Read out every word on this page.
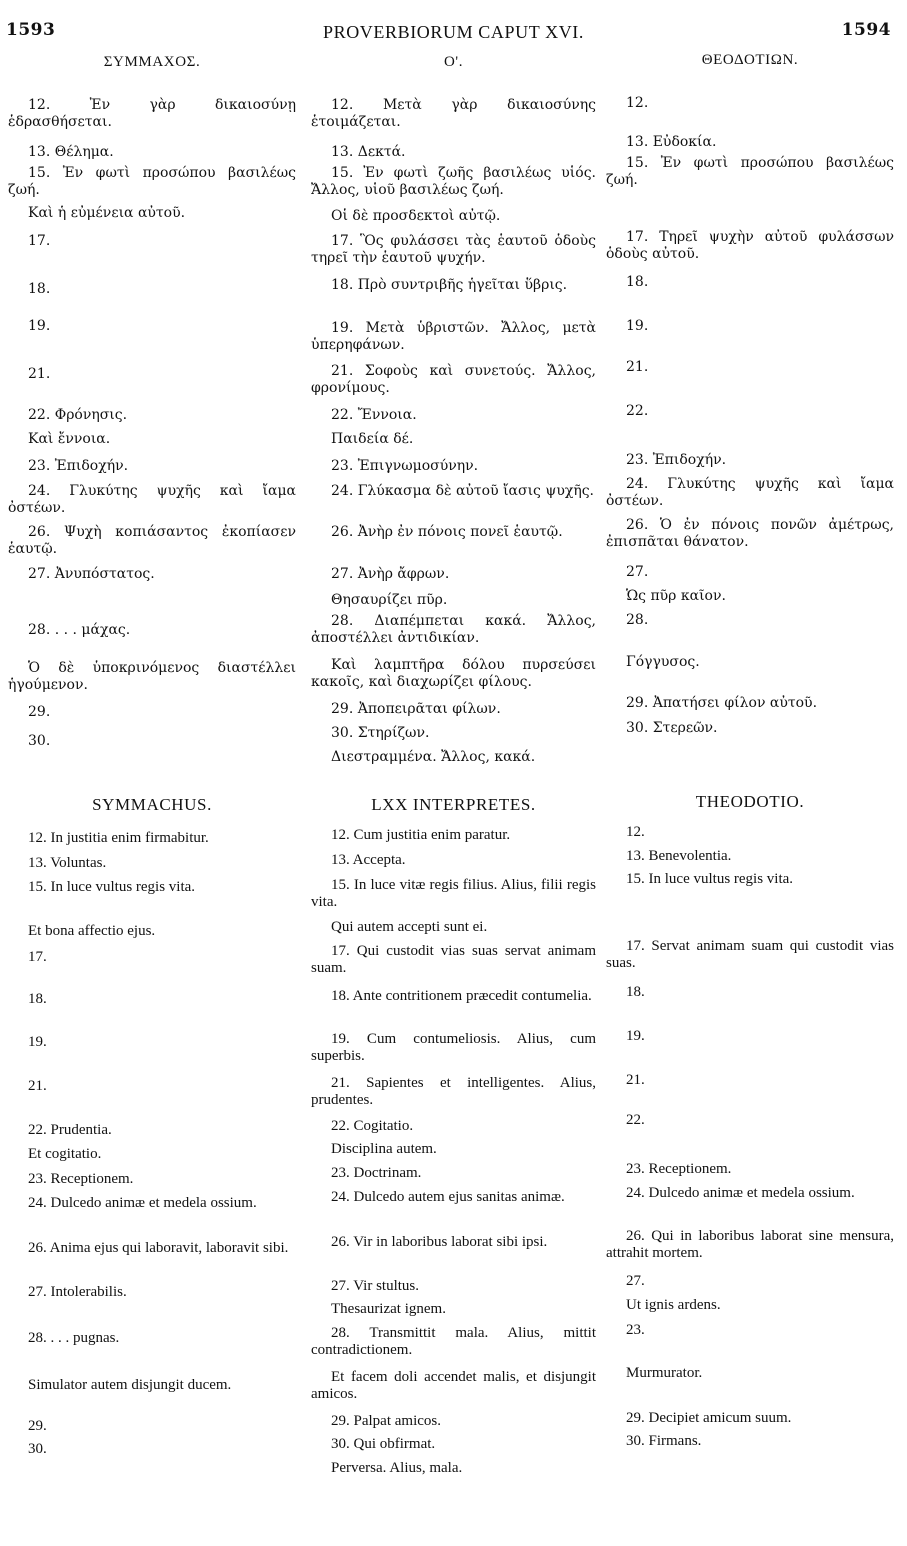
1593	PROVERBIORUM CAPUT XVI.	1594
ΣΥΜΜΑΧΟΣ.	O'.	ΘΕΟΔΟΤΙΩΝ.

12. Ἐν γὰρ δικαιοσύνῃ ἑδρασθήσεται.

13. Θέλημα.

15. Ἐν φωτὶ προσώπου βασιλέως ζωή.

Καὶ ἡ εὐμένεια αὐτοῦ.

17.

18.

19.

21.

22. Φρόνησις.

Καὶ ἔννοια.

23. Ἐπιδοχήν.

24. Γλυκύτης ψυχῆς καὶ ἴαμα ὀστέων.

26. Ψυχὴ κοπιάσαντος ἐκοπίασεν ἑαυτῷ.

27. Ἀνυπόστατος.

28. . . . μάχας.

Ὁ δὲ ὑποκρινόμενος διαστέλλει ἡγούμενον.

29.

30.

12. Μετὰ γὰρ δικαιοσύνης ἑτοιμάζεται.

13. Δεκτά.

15. Ἐν φωτὶ ζωῆς βασιλέως υἱός. Ἄλλος, υἱοῦ βασιλέως ζωή.

Οἱ δὲ προσδεκτοὶ αὐτῷ.

17. Ὃς φυλάσσει τὰς ἑαυτοῦ ὁδοὺς τηρεῖ τὴν ἑαυτοῦ ψυχήν.

18. Πρὸ συντριβῆς ἡγεῖται ὕβρις.

19. Μετὰ ὑβριστῶν. Ἄλλος, μετὰ ὑπερηφάνων.

21. Σοφοὺς καὶ συνετούς. Ἄλλος, φρονίμους.

22. Ἔννοια.

Παιδεία δέ.

23. Ἐπιγνωμοσύνην.

24. Γλύκασμα δὲ αὐτοῦ ἴασις ψυχῆς.

26. Ἀνὴρ ἐν πόνοις πονεῖ ἑαυτῷ.

27. Ἀνὴρ ἄφρων.

Θησαυρίζει πῦρ.

28. Διαπέμπεται κακά. Ἄλλος, ἀποστέλλει ἀντιδικίαν.

Καὶ λαμπτῆρα δόλου πυρσεύσει κακοῖς, καὶ διαχωρίζει φίλους.

29. Ἀποπειρᾶται φίλων.

30. Στηρίζων.

Διεστραμμένα. Ἄλλος, κακά.

12.

13. Εὐδοκία.

15. Ἐν φωτὶ προσώπου βασιλέως ζωή.

17. Τηρεῖ ψυχὴν αὐτοῦ φυλάσσων ὁδοὺς αὐτοῦ.

18.

19.

21.

22.

23. Ἐπιδοχήν.

24. Γλυκύτης ψυχῆς καὶ ἴαμα ὀστέων.

26. Ὁ ἐν πόνοις πονῶν ἀμέτρως, ἐπισπᾶται θάνατον.

27.

Ὡς πῦρ καῖον.

28.

Γόγγυσος.

29. Ἀπατήσει φίλον αὐτοῦ.

30. Στερεῶν.

SYMMACHUS.	LXX INTERPRETES.	THEODOTIO.

12. In justitia enim firmabitur.

13. Voluntas.

15. In luce vultus regis vita.

Et bona affectio ejus.

17.

18.

19.

21.

22. Prudentia.

Et cogitatio.

23. Receptionem.

24. Dulcedo animæ et medela ossium.

26. Anima ejus qui laboravit, laboravit sibi.

27. Intolerabilis.

28. . . . pugnas.

Simulator autem disjungit ducem.

29.

30.

12. Cum justitia enim paratur.

13. Accepta.

15. In luce vitæ regis filius. Alius, filii regis vita.

Qui autem accepti sunt ei.

17. Qui custodit vias suas servat animam suam.

18. Ante contritionem præcedit contumelia.

19. Cum contumeliosis. Alius, cum superbis.

21. Sapientes et intelligentes. Alius, prudentes.

22. Cogitatio.

Disciplina autem.

23. Doctrinam.

24. Dulcedo autem ejus sanitas animæ.

26. Vir in laboribus laborat sibi ipsi.

27. Vir stultus.

Thesaurizat ignem.

28. Transmittit mala. Alius, mittit contradictionem.

Et facem doli accendet malis, et disjungit amicos.

29. Palpat amicos.

30. Qui obfirmat.

Perversa. Alius, mala.

12.

13. Benevolentia.

15. In luce vultus regis vita.

17. Servat animam suam qui custodit vias suas.

18.

19.

21.

22.

23. Receptionem.

24. Dulcedo animæ et medela ossium.

26. Qui in laboribus laborat sine mensura, attrahit mortem.

27.

Ut ignis ardens.

23.

Murmurator.

29. Decipiet amicum suum.

30. Firmans.
